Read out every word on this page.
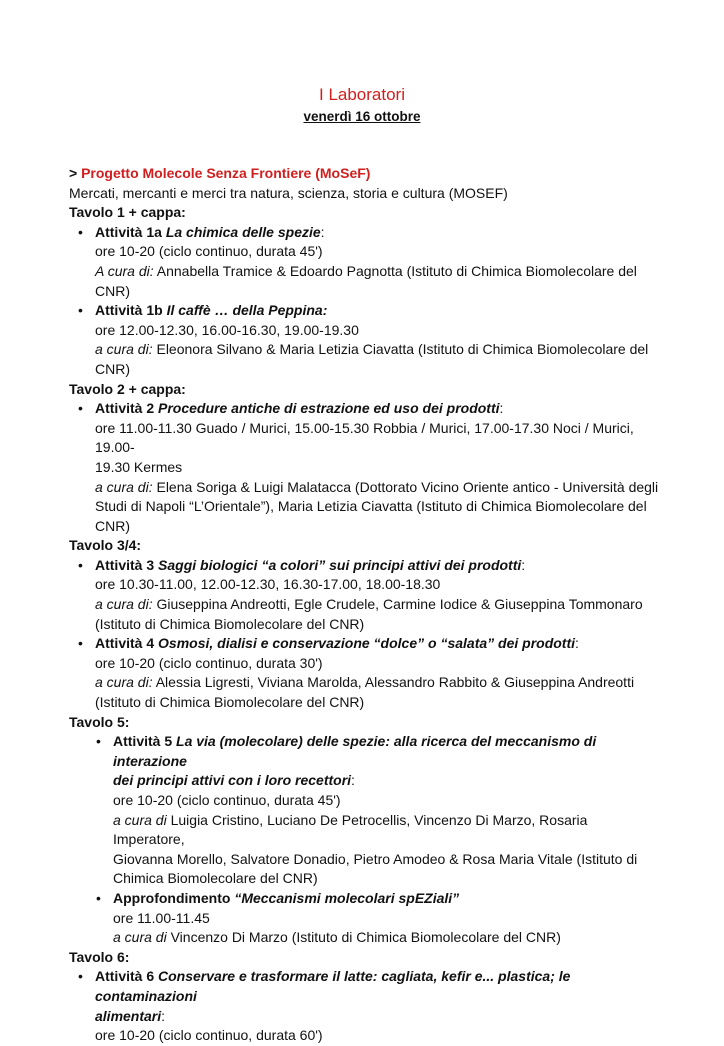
I Laboratori
venerdì 16 ottobre

> Progetto Molecole Senza Frontiere (MoSeF)

Mercati, mercanti e merci tra natura, scienza, storia e cultura (MOSEF)

Tavolo 1 + cappa:

• Attività 1a La chimica delle spezie:
ore 10-20 (ciclo continuo, durata 45')
A cura di: Annabella Tramice & Edoardo Pagnotta (Istituto di Chimica Biomolecolare del CNR)
• Attività 1b Il caffè … della Peppina:
ore 12.00-12.30, 16.00-16.30, 19.00-19.30
a cura di: Eleonora Silvano & Maria Letizia Ciavatta (Istituto di Chimica Biomolecolare del
CNR)

Tavolo 2 + cappa:

• Attività 2 Procedure antiche di estrazione ed uso dei prodotti:
ore 11.00-11.30 Guado / Murici, 15.00-15.30 Robbia / Murici, 17.00-17.30 Noci / Murici, 19.00-
19.30 Kermes
a cura di: Elena Soriga & Luigi Malatacca (Dottorato Vicino Oriente antico - Università degli
Studi di Napoli “L’Orientale”), Maria Letizia Ciavatta (Istituto di Chimica Biomolecolare del
CNR)

Tavolo 3/4:

• Attività 3 Saggi biologici “a colori” sui principi attivi dei prodotti:
ore 10.30-11.00, 12.00-12.30, 16.30-17.00, 18.00-18.30
a cura di: Giuseppina Andreotti, Egle Crudele, Carmine Iodice & Giuseppina Tommonaro
(Istituto di Chimica Biomolecolare del CNR)
• Attività 4 Osmosi, dialisi e conservazione “dolce” o “salata” dei prodotti:
ore 10-20 (ciclo continuo, durata 30')
a cura di: Alessia Ligresti, Viviana Marolda, Alessandro Rabbito & Giuseppina Andreotti
(Istituto di Chimica Biomolecolare del CNR)

Tavolo 5:

• Attività 5 La via (molecolare) delle spezie: alla ricerca del meccanismo di interazione
dei principi attivi con i loro recettori:
ore 10-20 (ciclo continuo, durata 45')
a cura di Luigia Cristino, Luciano De Petrocellis, Vincenzo Di Marzo, Rosaria Imperatore,
Giovanna Morello, Salvatore Donadio, Pietro Amodeo & Rosa Maria Vitale (Istituto di
Chimica Biomolecolare del CNR)
• Approfondimento “Meccanismi molecolari spEZiali”
ore 11.00-11.45
a cura di Vincenzo Di Marzo (Istituto di Chimica Biomolecolare del CNR)

Tavolo 6:

• Attività 6 Conservare e trasformare il latte: cagliata, kefir e... plastica; le contaminazioni
alimentari:
ore 10-20 (ciclo continuo, durata 60')
